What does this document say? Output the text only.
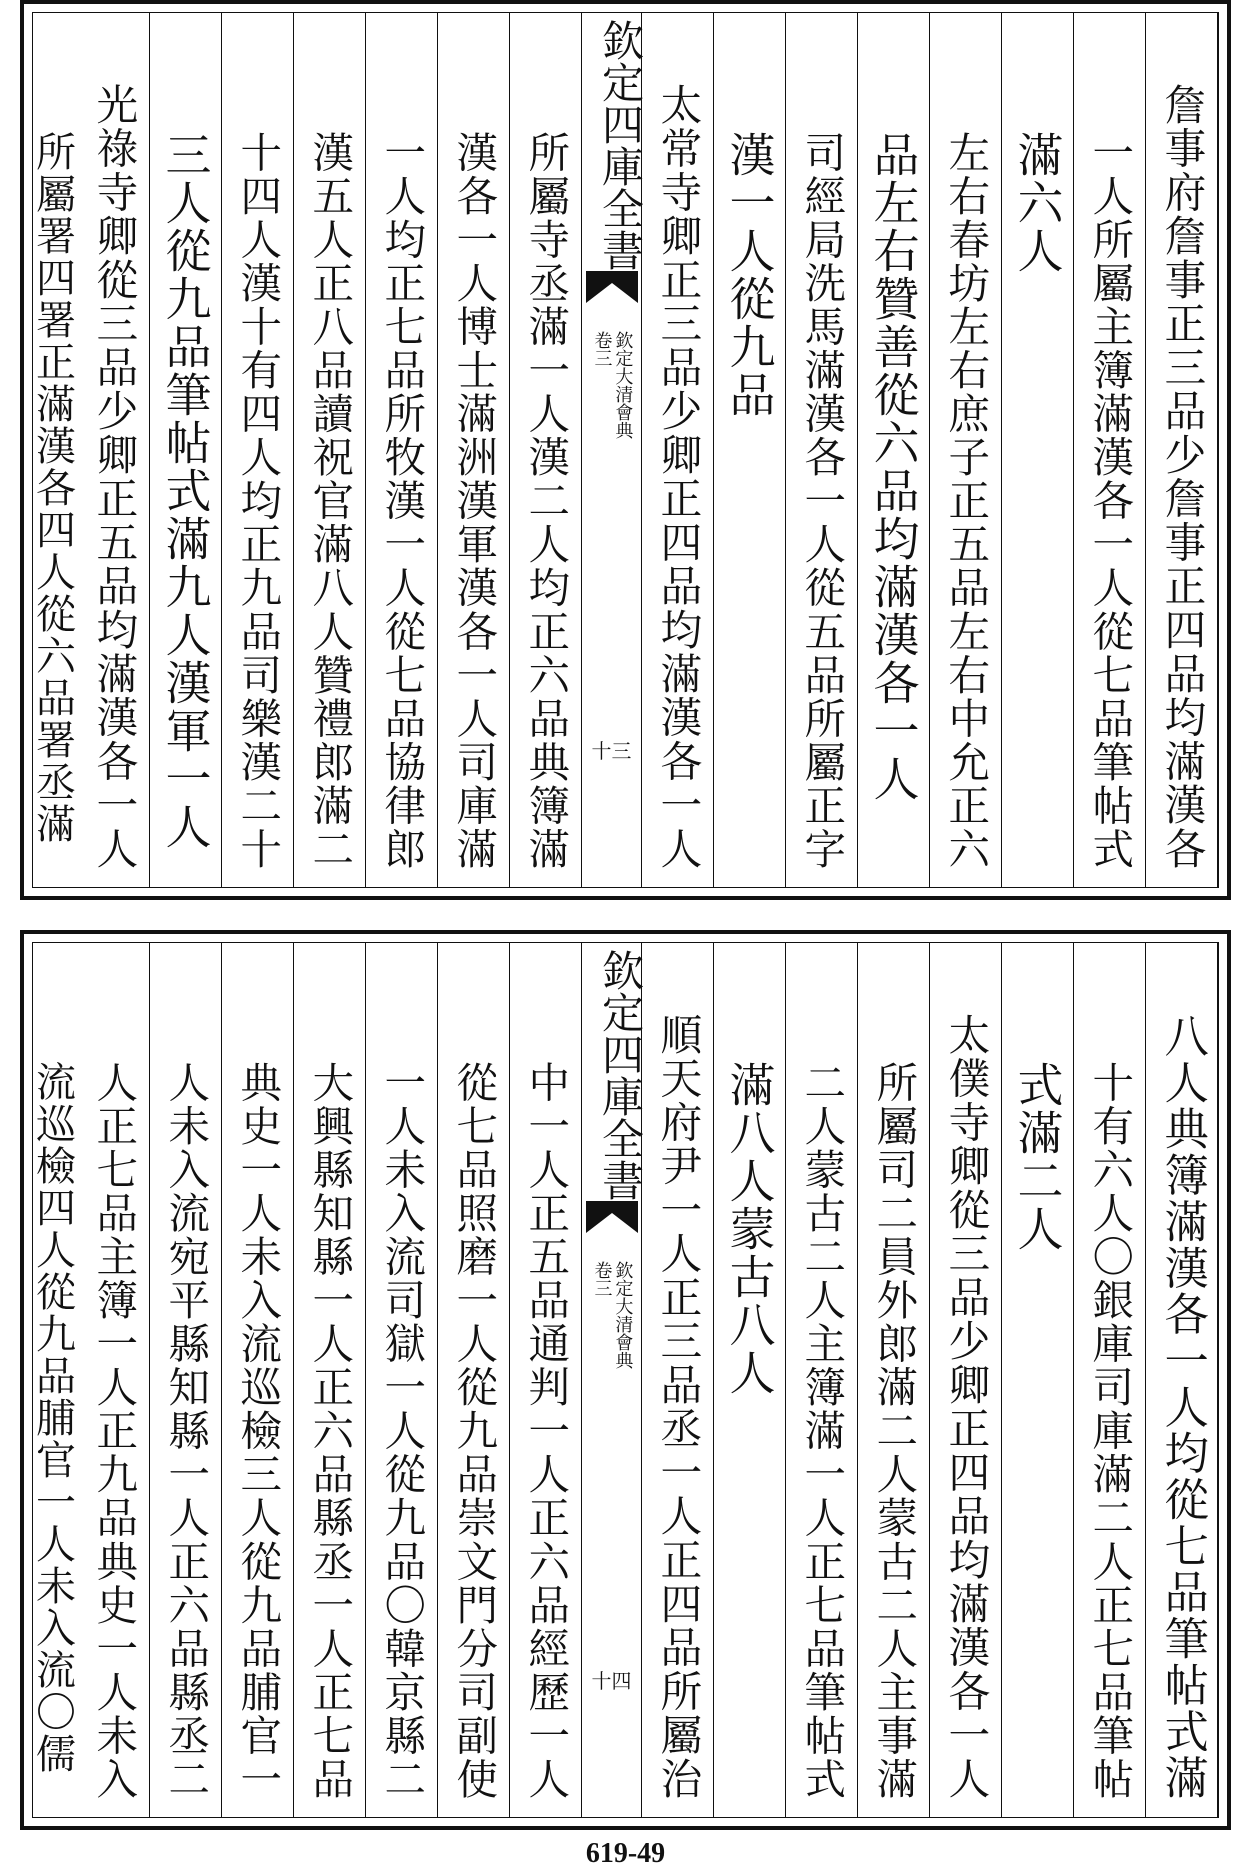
詹事府詹事正三品少詹事正四品均滿漢各
一人所屬主簿滿漢各一人從七品筆帖式
滿六人
左右春坊左右庶子正五品左右中允正六
品左右贊善從六品均滿漢各一人
司經局洗馬滿漢各一人從五品所屬正字
漢一人從九品
太常寺卿正三品少卿正四品均滿漢各一人
欽定四庫全書
欽定大清會典
卷三
十三
所屬寺丞滿一人漢二人均正六品典簿滿
漢各一人博士滿洲漢軍漢各一人司庫滿
一人均正七品所牧漢一人從七品協律郎
漢五人正八品讀祝官滿八人贊禮郎滿二
十四人漢十有四人均正九品司樂漢二十
三人從九品筆帖式滿九人漢軍一人
光祿寺卿從三品少卿正五品均滿漢各一人
所屬署四署正滿漢各四人從六品署丞滿
八人典簿滿漢各一人均從七品筆帖式滿
十有六人〇銀庫司庫滿二人正七品筆帖
式滿二人
太僕寺卿從三品少卿正四品均滿漢各一人
所屬司二員外郎滿二人蒙古二人主事滿
二人蒙古二人主簿滿一人正七品筆帖式
滿八人蒙古八人
順天府尹一人正三品丞一人正四品所屬治
欽定四庫全書
欽定大清會典
卷三
十四
中一人正五品通判一人正六品經歷一人
從七品照磨一人從九品崇文門分司副使
一人未入流司獄一人從九品〇韓京縣二
大興縣知縣一人正六品縣丞一人正七品
典史一人未入流巡檢三人從九品脯官一
人未入流宛平縣知縣一人正六品縣丞二
人正七品主簿一人正九品典史一人未入
流巡檢四人從九品脯官一人未入流〇儒
619-49
